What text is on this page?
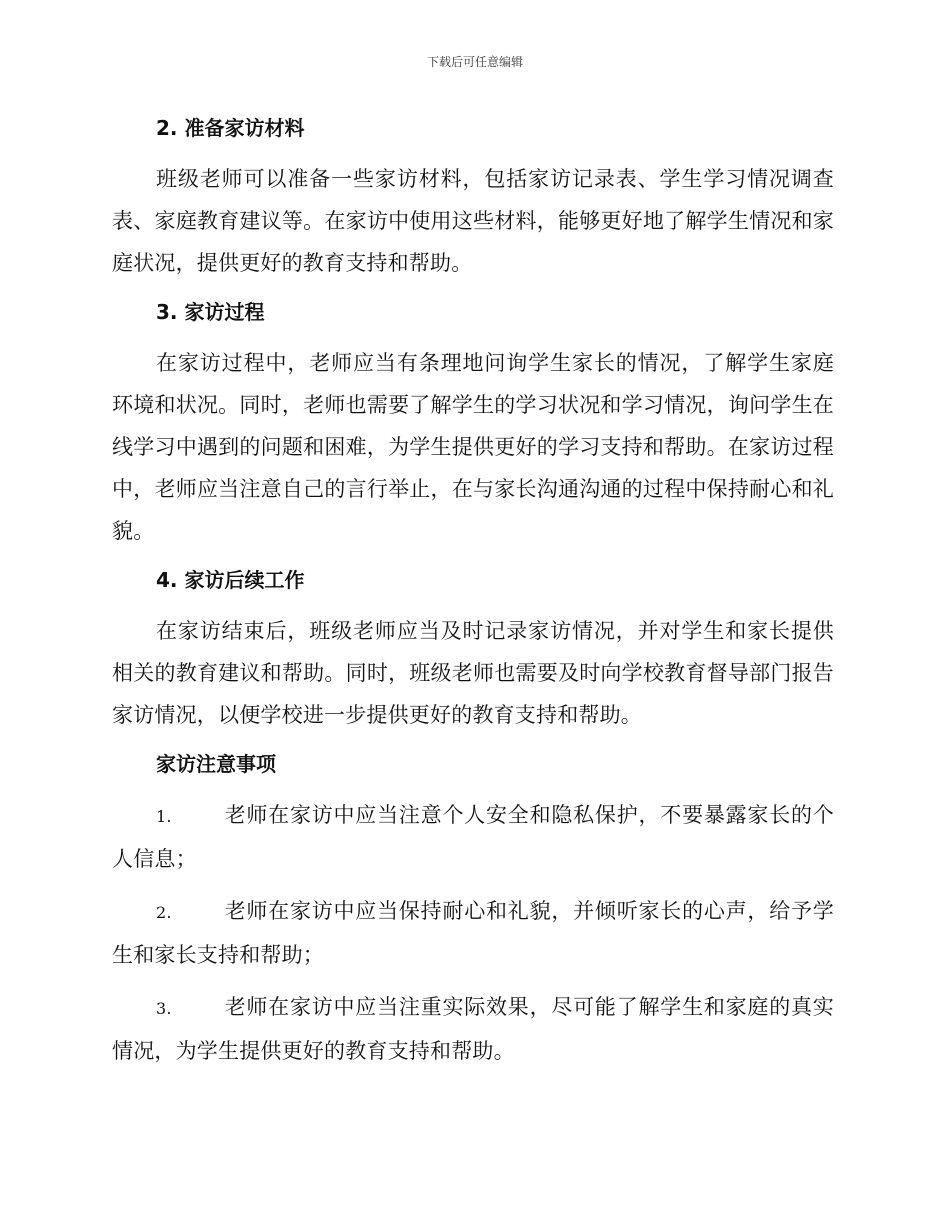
下载后可任意编辑
2. 准备家访材料

班级老师可以准备一些家访材料，包括家访记录表、学生学习情况调查表、家庭教育建议等。在家访中使用这些材料，能够更好地了解学生情况和家庭状况，提供更好的教育支持和帮助。

3. 家访过程

在家访过程中，老师应当有条理地问询学生家长的情况，了解学生家庭环境和状况。同时，老师也需要了解学生的学习状况和学习情况，询问学生在线学习中遇到的问题和困难，为学生提供更好的学习支持和帮助。在家访过程中，老师应当注意自己的言行举止，在与家长沟通沟通的过程中保持耐心和礼貌。

4. 家访后续工作

在家访结束后，班级老师应当及时记录家访情况，并对学生和家长提供相关的教育建议和帮助。同时，班级老师也需要及时向学校教育督导部门报告家访情况，以便学校进一步提供更好的教育支持和帮助。

家访注意事项

1. 老师在家访中应当注意个人安全和隐私保护，不要暴露家长的个人信息；

2. 老师在家访中应当保持耐心和礼貌，并倾听家长的心声，给予学生和家长支持和帮助；

3. 老师在家访中应当注重实际效果，尽可能了解学生和家庭的真实情况，为学生提供更好的教育支持和帮助。
